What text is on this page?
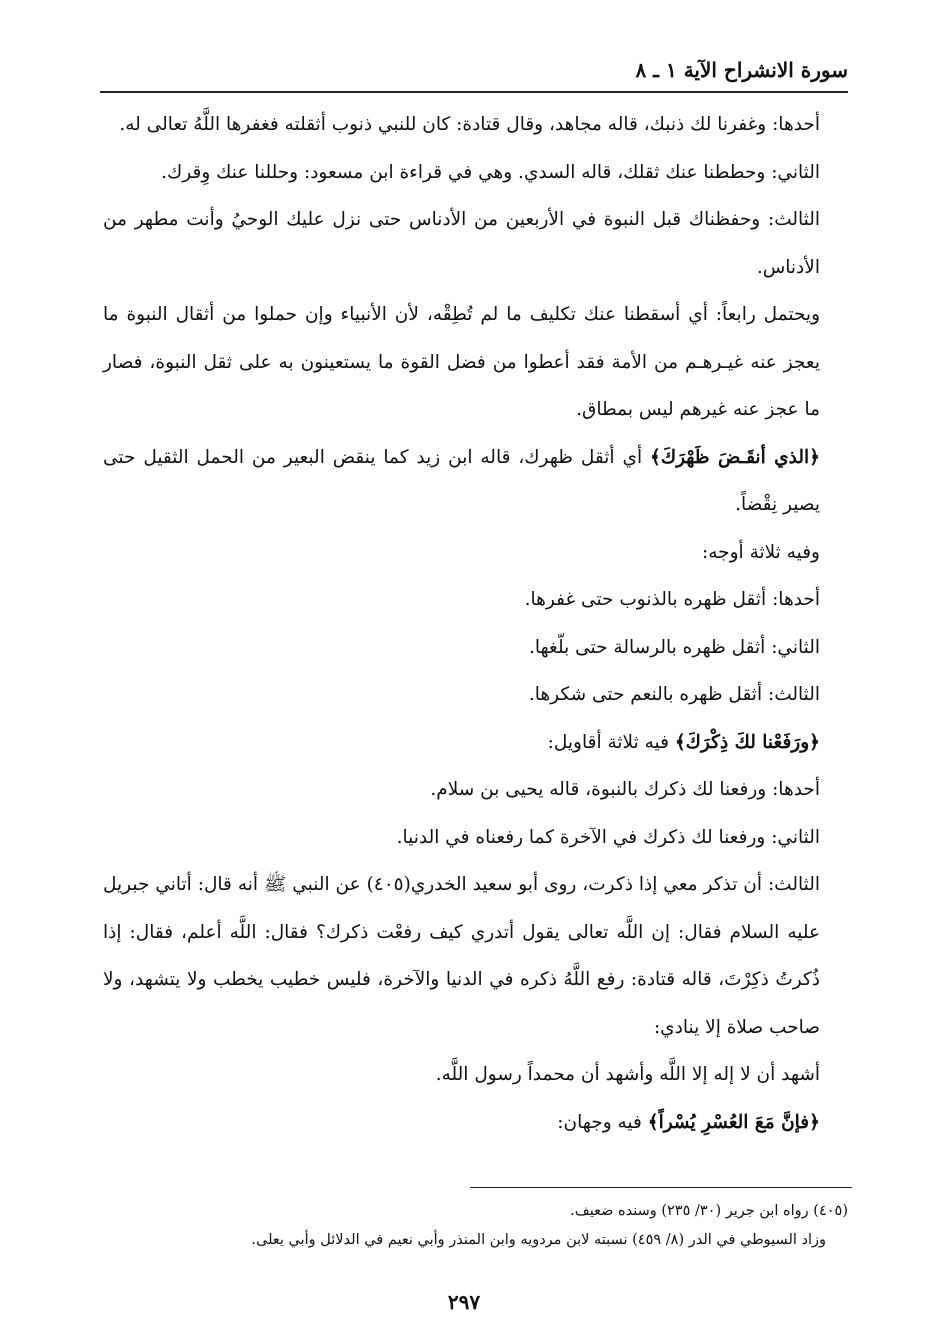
سورة الانشراح الآية ١ ـ ٨

أحدها: وغفرنا لك ذنبك، قاله مجاهد، وقال قتادة: كان للنبي ذنوب أثقلته فغفرها اللَّهُ تعالى له.

الثاني: وحططنا عنك ثقلك، قاله السدي. وهي في قراءة ابن مسعود: وحللنا عنك وِقرك.

الثالث: وحفظناك قبل النبوة في الأربعين من الأدناس حتى نزل عليك الوحيُ وأنت مطهر من الأدناس.

ويحتمل رابعاً: أي أسقطنا عنك تكليف ما لم تُطِقْه، لأن الأنبياء وإن حملوا من أثقال النبوة ما يعجز عنه غيـرهـم من الأمة فقد أعطوا من فضل القوة ما يستعينون به على ثقل النبوة، فصار ما عجز عنه غيرهم ليس بمطاق.

﴿الذي أنقَـضَ ظَهْرَكَ﴾ أي أثقل ظهرك، قاله ابن زيد كما ينقض البعير من الحمل الثقيل حتى يصير نِقْضاً.

وفيه ثلاثة أوجه:

أحدها: أثقل ظهره بالذنوب حتى غفرها.

الثاني: أثقل ظهره بالرسالة حتى بلّغها.

الثالث: أثقل ظهره بالنعم حتى شكرها.

﴿ورَفَعْنا لكَ ذِكْرَكَ﴾ فيه ثلاثة أقاويل:

أحدها: ورفعنا لك ذكرك بالنبوة، قاله يحيى بن سلام.

الثاني: ورفعنا لك ذكرك في الآخرة كما رفعناه في الدنيا.

الثالث: أن تذكر معي إذا ذكرت، روى أبو سعيد الخدري(٤٠٥) عن النبي ﷺ أنه قال: أتاني جبريل عليه السلام فقال: إن اللَّه تعالى يقول أتدري كيف رفعْت ذكرك؟ فقال: اللَّه أعلم، فقال: إذا ذُكرتُ ذكِرْتَ، قاله قتادة: رفع اللَّهُ ذكره في الدنيا والآخرة، فليس خطيب يخطب ولا يتشهد، ولا صاحب صلاة إلا ينادي:

أشهد أن لا إله إلا اللَّه وأشهد أن محمداً رسول اللَّه.

﴿فإنَّ مَعَ العُسْرِ يُسْراً﴾ فيه وجهان:

(٤٠٥) رواه ابن جرير (٣٠/ ٢٣٥) وسنده ضعيف.

وزاد السيوطي في الدر (٨/ ٤٥٩) نسبته لابن مردويه وابن المنذر وأبي نعيم في الدلائل وأبي يعلى.

٢٩٧
